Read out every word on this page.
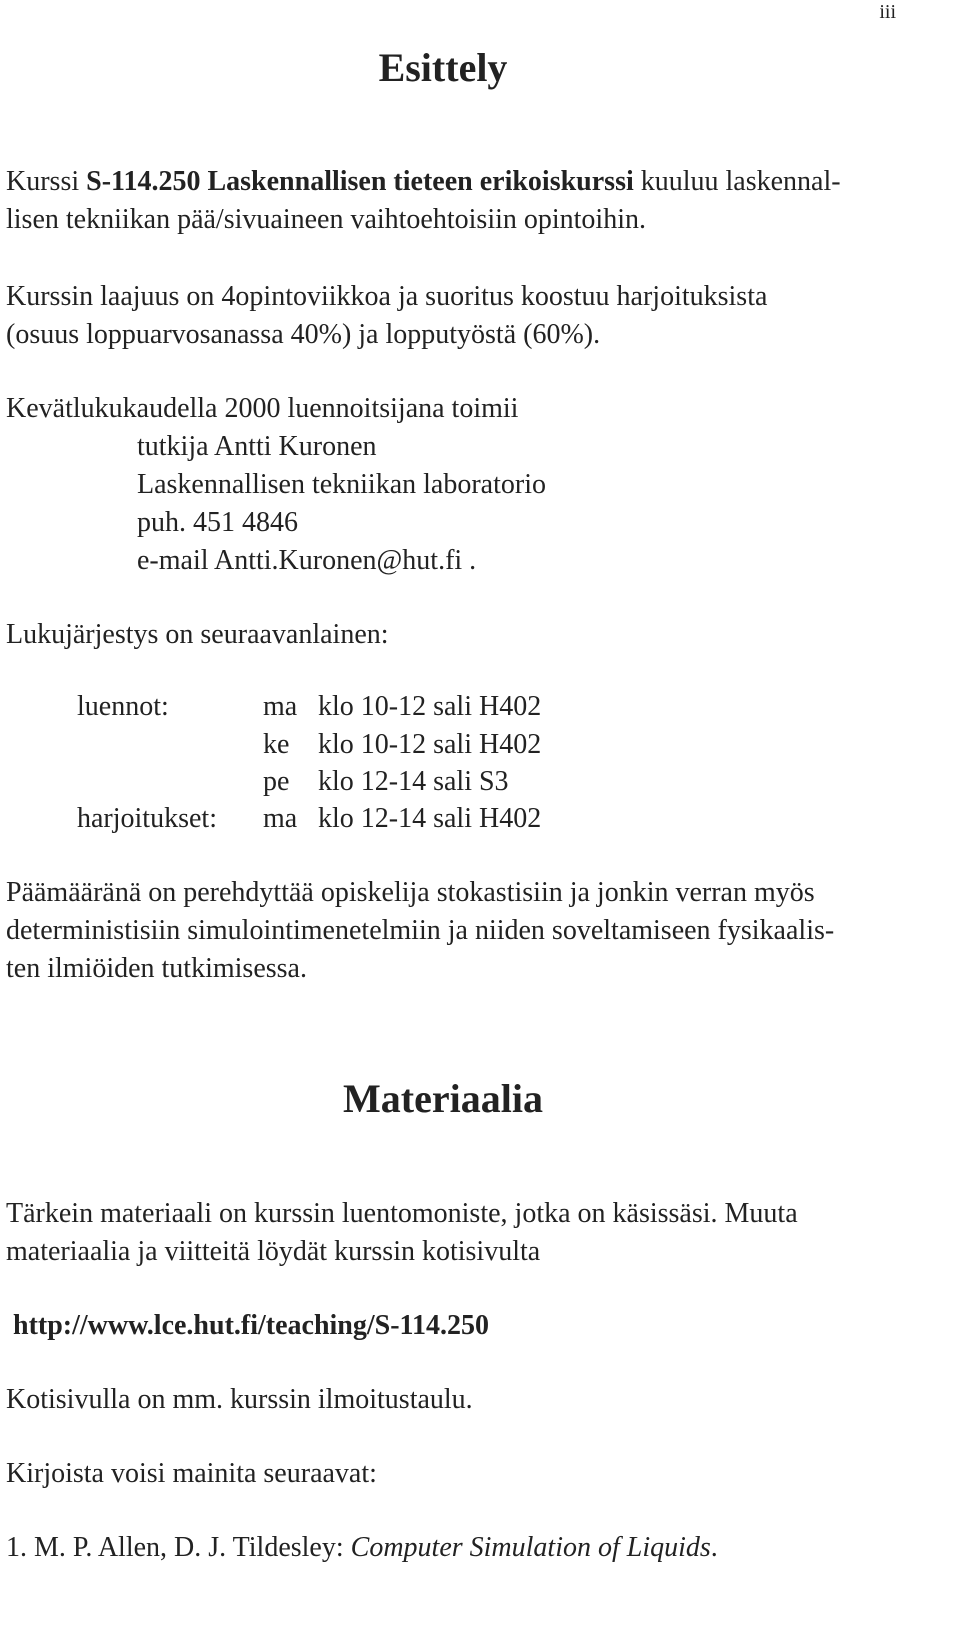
iii
Esittely
Kurssi S-114.250 Laskennallisen tieteen erikoiskurssi kuuluu laskennal-
lisen tekniikan pää/sivuaineen vaihtoehtoisiin opintoihin.
Kurssin laajuus on 4opintoviikkoa ja suoritus koostuu harjoituksista
(osuus loppuarvosanassa 40%) ja lopputyöstä (60%).
Kevätlukukaudella 2000 luennoitsijana toimii
tutkija Antti Kuronen
Laskennallisen tekniikan laboratorio
puh. 451 4846
e-mail Antti.Kuronen@hut.fi .
Lukujärjestys on seuraavanlainen:
luennot:
harjoitukset:
ma klo 10-12 sali H402
ke klo 10-12 sali H402
pe klo 12-14 sali S3
ma klo 12-14 sali H402
Päämääränä on perehdyttää opiskelija stokastisiin ja jonkin verran myös
deterministisiin simulointimenetelmiin ja niiden soveltamiseen fysikaalis-
ten ilmiöiden tutkimisessa.
Materiaalia
Tärkein materiaali on kurssin luentomoniste, jotka on käsissäsi. Muuta
materiaalia ja viitteitä löydät kurssin kotisivulta
http://www.lce.hut.fi/teaching/S-114.250
Kotisivulla on mm. kurssin ilmoitustaulu.
Kirjoista voisi mainita seuraavat:
1. M. P. Allen, D. J. Tildesley: Computer Simulation of Liquids.
